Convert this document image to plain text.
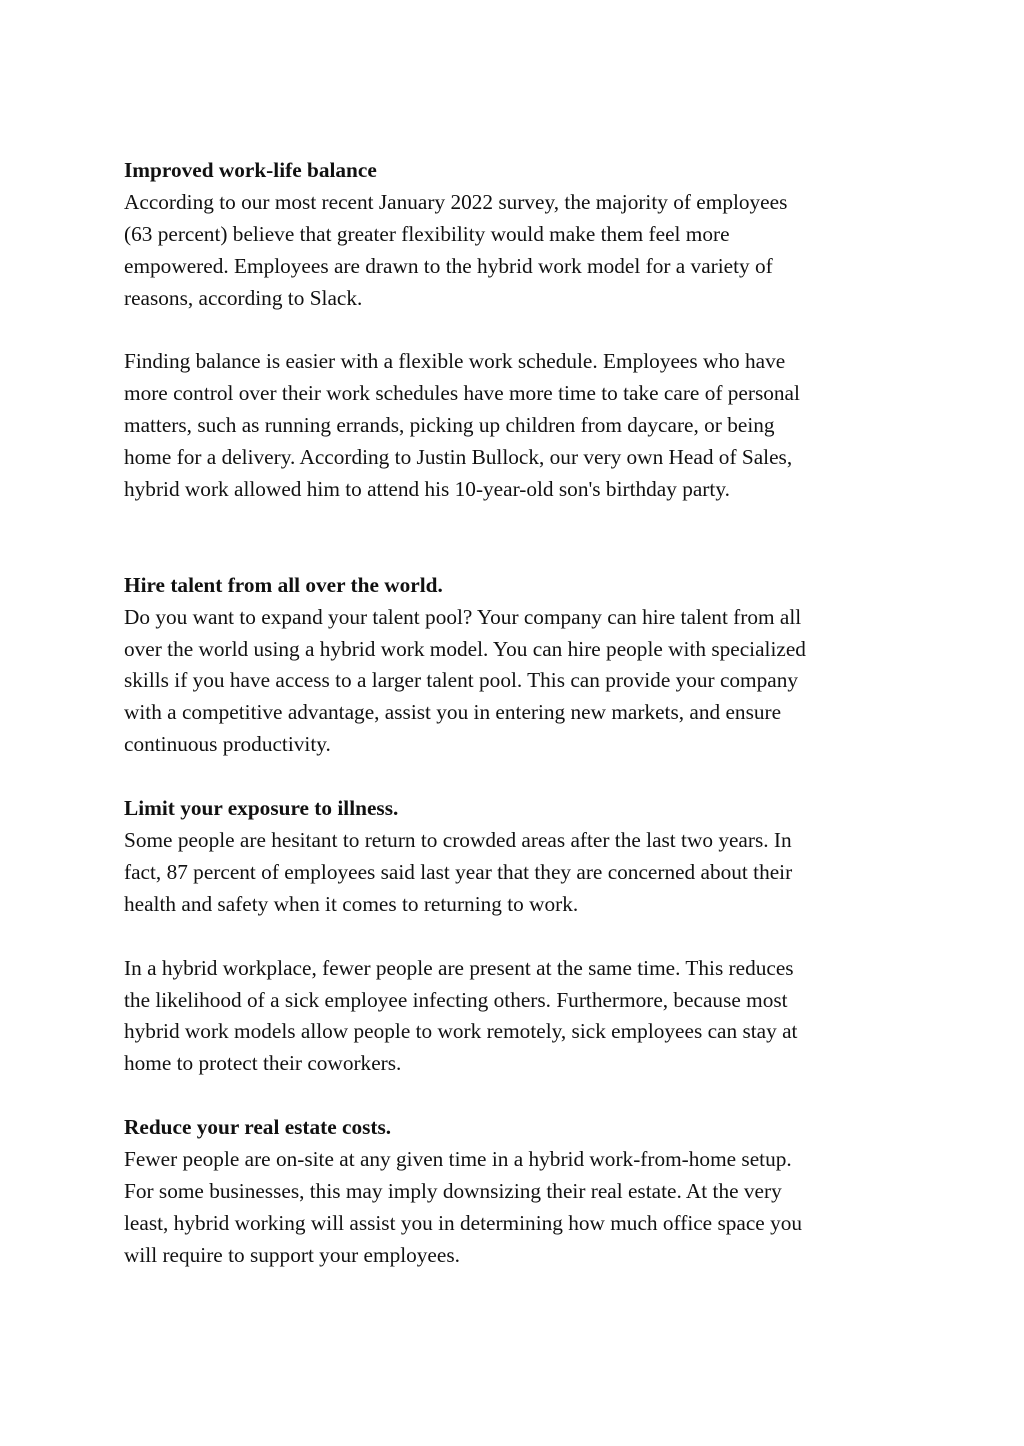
Improved work-life balance

According to our most recent January 2022 survey, the majority of employees
(63 percent) believe that greater flexibility would make them feel more
empowered. Employees are drawn to the hybrid work model for a variety of
reasons, according to Slack.

Finding balance is easier with a flexible work schedule. Employees who have
more control over their work schedules have more time to take care of personal
matters, such as running errands, picking up children from daycare, or being
home for a delivery. According to Justin Bullock, our very own Head of Sales,
hybrid work allowed him to attend his 10-year-old son's birthday party.

Hire talent from all over the world.

Do you want to expand your talent pool? Your company can hire talent from all
over the world using a hybrid work model. You can hire people with specialized
skills if you have access to a larger talent pool. This can provide your company
with a competitive advantage, assist you in entering new markets, and ensure
continuous productivity.

Limit your exposure to illness.

Some people are hesitant to return to crowded areas after the last two years. In
fact, 87 percent of employees said last year that they are concerned about their
health and safety when it comes to returning to work.

In a hybrid workplace, fewer people are present at the same time. This reduces
the likelihood of a sick employee infecting others. Furthermore, because most
hybrid work models allow people to work remotely, sick employees can stay at
home to protect their coworkers.

Reduce your real estate costs.

Fewer people are on-site at any given time in a hybrid work-from-home setup.
For some businesses, this may imply downsizing their real estate. At the very
least, hybrid working will assist you in determining how much office space you
will require to support your employees.
